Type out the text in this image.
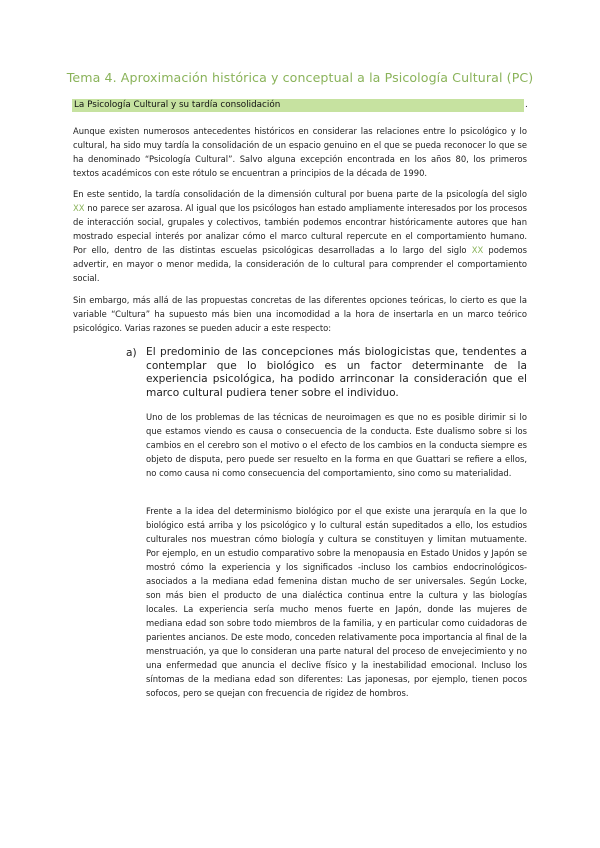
Tema 4. Aproximación histórica y conceptual a la Psicología Cultural (PC)
La Psicología Cultural y su tardía consolidación	.

Aunque existen numerosos antecedentes históricos en considerar las relaciones entre lo psicológico y lo cultural, ha sido muy tardía la consolidación de un espacio genuino en el que se pueda reconocer lo que se ha denominado “Psicología Cultural”. Salvo alguna excepción encontrada en los años 80, los primeros textos académicos con este rótulo se encuentran a principios de la década de 1990.

En este sentido, la tardía consolidación de la dimensión cultural por buena parte de la psicología del siglo XX no parece ser azarosa. Al igual que los psicólogos han estado ampliamente interesados por los procesos de interacción social, grupales y colectivos, también podemos encontrar históricamente autores que han mostrado especial interés por analizar cómo el marco cultural repercute en el comportamiento humano. Por ello, dentro de las distintas escuelas psicológicas desarrolladas a lo largo del siglo XX podemos advertir, en mayor o menor medida, la consideración de lo cultural para comprender el comportamiento social.

Sin embargo, más allá de las propuestas concretas de las diferentes opciones teóricas, lo cierto es que la variable “Cultura” ha supuesto más bien una incomodidad a la hora de insertarla en un marco teórico psicológico. Varias razones se pueden aducir a este respecto:

a) El predominio de las concepciones más biologicistas que, tendentes a contemplar que lo biológico es un factor determinante de la experiencia psicológica, ha podido arrinconar la consideración que el marco cultural pudiera tener sobre el individuo.

Uno de los problemas de las técnicas de neuroimagen es que no es posible dirimir si lo que estamos viendo es causa o consecuencia de la conducta. Este dualismo sobre si los cambios en el cerebro son el motivo o el efecto de los cambios en la conducta siempre es objeto de disputa, pero puede ser resuelto en la forma en que Guattari se refiere a ellos, no como causa ni como consecuencia del comportamiento, sino como su materialidad.

Frente a la idea del determinismo biológico por el que existe una jerarquía en la que lo biológico está arriba y los psicológico y lo cultural están supeditados a ello, los estudios culturales nos muestran cómo biología y cultura se constituyen y limitan mutuamente. Por ejemplo, en un estudio comparativo sobre la menopausia en Estado Unidos y Japón se mostró cómo la experiencia y los significados -incluso los cambios endocrinológicos- asociados a la mediana edad femenina distan mucho de ser universales. Según Locke, son más bien el producto de una dialéctica continua entre la cultura y las biologías locales. La experiencia sería mucho menos fuerte en Japón, donde las mujeres de mediana edad son sobre todo miembros de la familia, y en particular como cuidadoras de parientes ancianos. De este modo, conceden relativamente poca importancia al final de la menstruación, ya que lo consideran una parte natural del proceso de envejecimiento y no una enfermedad que anuncia el declive físico y la inestabilidad emocional. Incluso los síntomas de la mediana edad son diferentes: Las japonesas, por ejemplo, tienen pocos sofocos, pero se quejan con frecuencia de rigidez de hombros.
